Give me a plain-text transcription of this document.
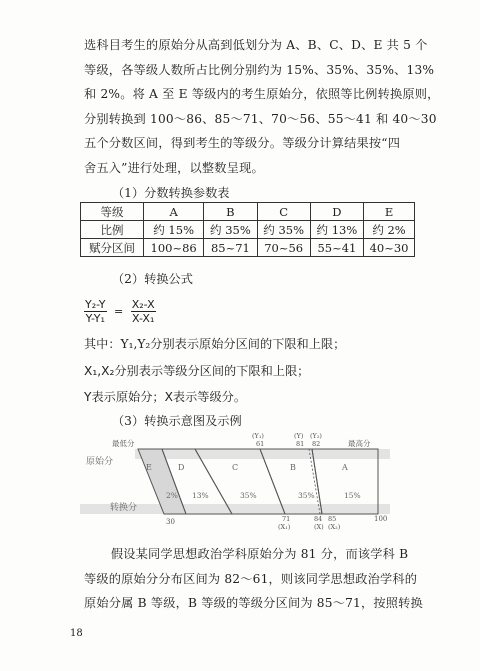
选科目考生的原始分从高到低划分为 A、B、C、D、E 共 5 个
等级，各等级人数所占比例分别约为 15%、35%、35%、13%
和 2%。将 A 至 E 等级内的考生原始分，依照等比例转换原则，
分别转换到 100～86、85～71、70～56、55～41 和 40～30
五个分数区间，得到考生的等级分。等级分计算结果按“四
舍五入”进行处理，以整数呈现。
（1）分数转换参数表
等级	A	B	C	D	E
比例	约 15%	约 35%	约 35%	约 13%	约 2%
赋分区间	100~86	85~71	70~56	55~41	40~30
（2）转换公式
$\frac{\text{Y₂-Y}}{\text{Y-Y₁}} = \frac{\text{X₂-X}}{\text{X-X₁}}$
其中：Y₁,Y₂分别表示原始分区间的下限和上限；
X₁,X₂分别表示等级分区间的下限和上限；
Y表示原始分；X表示等级分。
（3）转换示意图及示例
原始分
转换分
最低分	最高分
(Y₁)
61
(Y) (Y₂)
81 82
E	D	C	B	A
2% 13%	35%	35%	15%
30	71
(X₁)
84 85
(X) (X₂)
100
假设某同学思想政治学科原始分为 81 分，而该学科 B
等级的原始分分布区间为 82～61，则该同学思想政治学科的
原始分属 B 等级，B 等级的等级分区间为 85～71，按照转换
18
